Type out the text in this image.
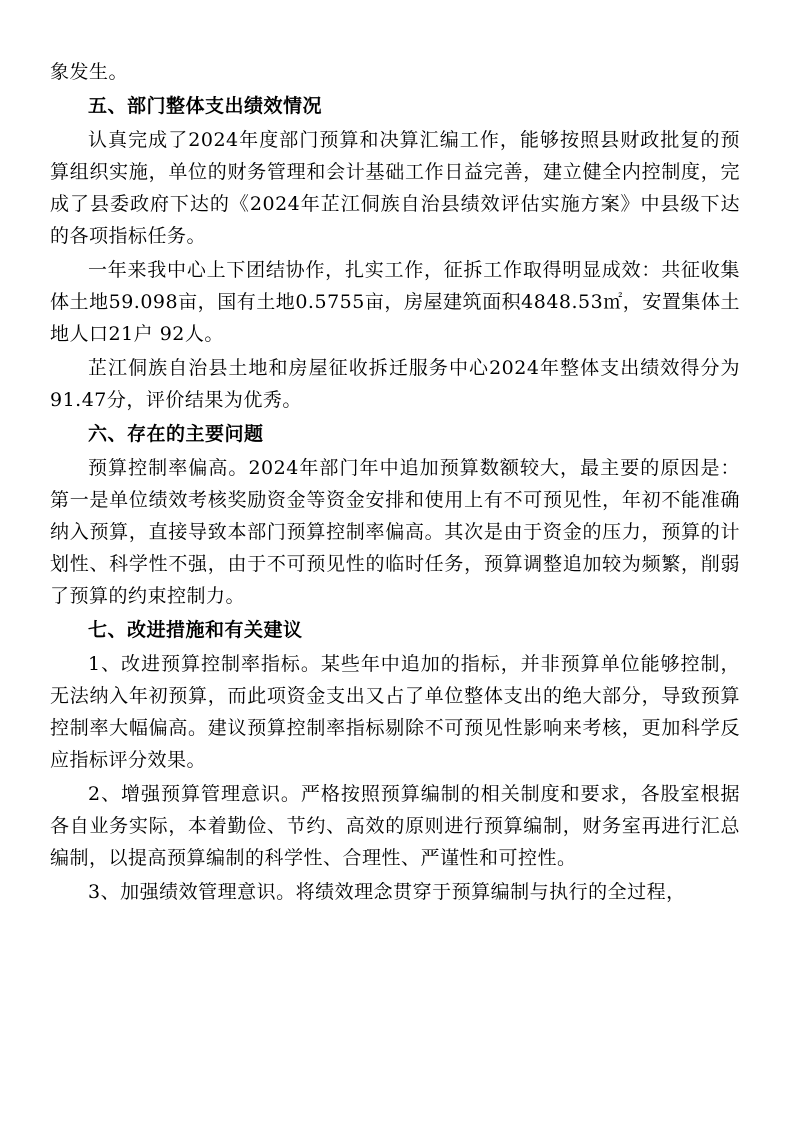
象发生。

五、部门整体支出绩效情况

认真完成了2024年度部门预算和决算汇编工作，能够按照县财政批复的预算组织实施，单位的财务管理和会计基础工作日益完善，建立健全内控制度，完成了县委政府下达的《2024年芷江侗族自治县绩效评估实施方案》中县级下达的各项指标任务。

一年来我中心上下团结协作，扎实工作，征拆工作取得明显成效：共征收集体土地59.098亩，国有土地0.5755亩，房屋建筑面积4848.53㎡，安置集体土地人口21户 92人。

芷江侗族自治县土地和房屋征收拆迁服务中心2024年整体支出绩效得分为91.47分，评价结果为优秀。

六、存在的主要问题

预算控制率偏高。2024年部门年中追加预算数额较大，最主要的原因是：第一是单位绩效考核奖励资金等资金安排和使用上有不可预见性，年初不能准确纳入预算，直接导致本部门预算控制率偏高。其次是由于资金的压力，预算的计划性、科学性不强，由于不可预见性的临时任务，预算调整追加较为频繁，削弱了预算的约束控制力。

七、改进措施和有关建议

1、改进预算控制率指标。某些年中追加的指标，并非预算单位能够控制，无法纳入年初预算，而此项资金支出又占了单位整体支出的绝大部分，导致预算控制率大幅偏高。建议预算控制率指标剔除不可预见性影响来考核，更加科学反应指标评分效果。

2、增强预算管理意识。严格按照预算编制的相关制度和要求，各股室根据各自业务实际，本着勤俭、节约、高效的原则进行预算编制，财务室再进行汇总编制，以提高预算编制的科学性、合理性、严谨性和可控性。

3、加强绩效管理意识。将绩效理念贯穿于预算编制与执行的全过程，
